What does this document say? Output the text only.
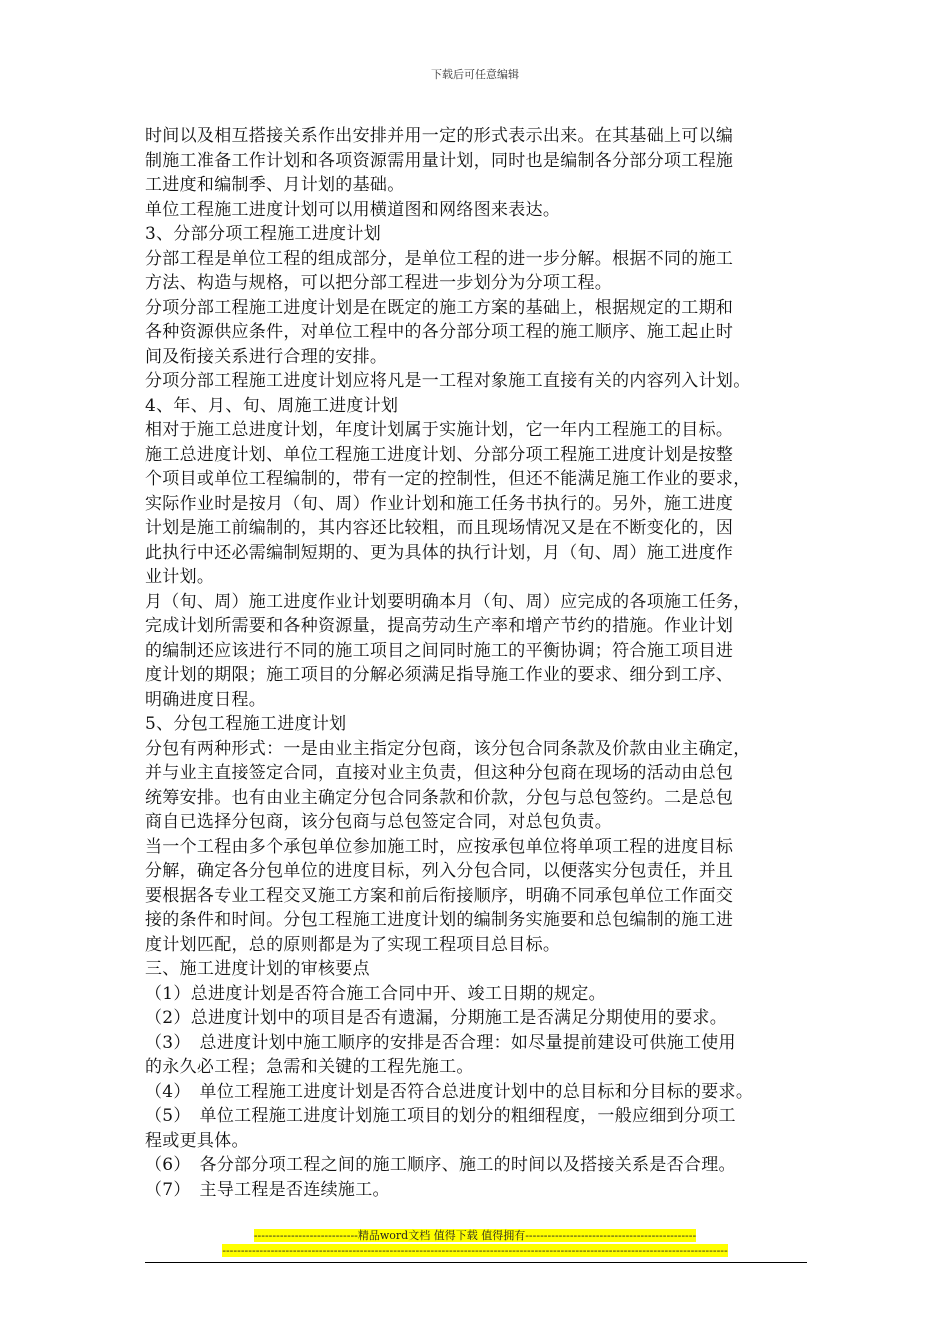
下载后可任意编辑
时间以及相互搭接关系作出安排并用一定的形式表示出来。在其基础上可以编
制施工准备工作计划和各项资源需用量计划，同时也是编制各分部分项工程施
工进度和编制季、月计划的基础。
单位工程施工进度计划可以用横道图和网络图来表达。
3、分部分项工程施工进度计划
分部工程是单位工程的组成部分，是单位工程的进一步分解。根据不同的施工
方法、构造与规格，可以把分部工程进一步划分为分项工程。
分项分部工程施工进度计划是在既定的施工方案的基础上，根据规定的工期和
各种资源供应条件，对单位工程中的各分部分项工程的施工顺序、施工起止时
间及衔接关系进行合理的安排。
分项分部工程施工进度计划应将凡是一工程对象施工直接有关的内容列入计划。
4、年、月、旬、周施工进度计划
相对于施工总进度计划，年度计划属于实施计划，它一年内工程施工的目标。
施工总进度计划、单位工程施工进度计划、分部分项工程施工进度计划是按整
个项目或单位工程编制的，带有一定的控制性，但还不能满足施工作业的要求，
实际作业时是按月（旬、周）作业计划和施工任务书执行的。另外，施工进度
计划是施工前编制的，其内容还比较粗，而且现场情况又是在不断变化的，因
此执行中还必需编制短期的、更为具体的执行计划，月（旬、周）施工进度作
业计划。
月（旬、周）施工进度作业计划要明确本月（旬、周）应完成的各项施工任务，
完成计划所需要和各种资源量，提高劳动生产率和增产节约的措施。作业计划
的编制还应该进行不同的施工项目之间同时施工的平衡协调；符合施工项目进
度计划的期限；施工项目的分解必须满足指导施工作业的要求、细分到工序、
明确进度日程。
5、分包工程施工进度计划
分包有两种形式：一是由业主指定分包商，该分包合同条款及价款由业主确定，
并与业主直接签定合同，直接对业主负责，但这种分包商在现场的活动由总包
统筹安排。也有由业主确定分包合同条款和价款，分包与总包签约。二是总包
商自已选择分包商，该分包商与总包签定合同，对总包负责。
当一个工程由多个承包单位参加施工时，应按承包单位将单项工程的进度目标
分解，确定各分包单位的进度目标，列入分包合同，以便落实分包责任，并且
要根据各专业工程交叉施工方案和前后衔接顺序，明确不同承包单位工作面交
接的条件和时间。分包工程施工进度计划的编制务实施要和总包编制的施工进
度计划匹配，总的原则都是为了实现工程项目总目标。
三、施工进度计划的审核要点
（1）总进度计划是否符合施工合同中开、竣工日期的规定。
（2）总进度计划中的项目是否有遗漏，分期施工是否满足分期使用的要求。
（3）　总进度计划中施工顺序的安排是否合理：如尽量提前建设可供施工使用
的永久必工程；急需和关键的工程先施工。
（4）　单位工程施工进度计划是否符合总进度计划中的总目标和分目标的要求。
（5）　单位工程施工进度计划施工项目的划分的粗细程度，一般应细到分项工
程或更具体。
（6）　各分部分项工程之间的施工顺序、施工的时间以及搭接关系是否合理。
（7）　主导工程是否连续施工。
----------------------------精品word文档 值得下载 值得拥有----------------------------------------------
----------------------------------------------------------------------------------------------------------------------------------------
